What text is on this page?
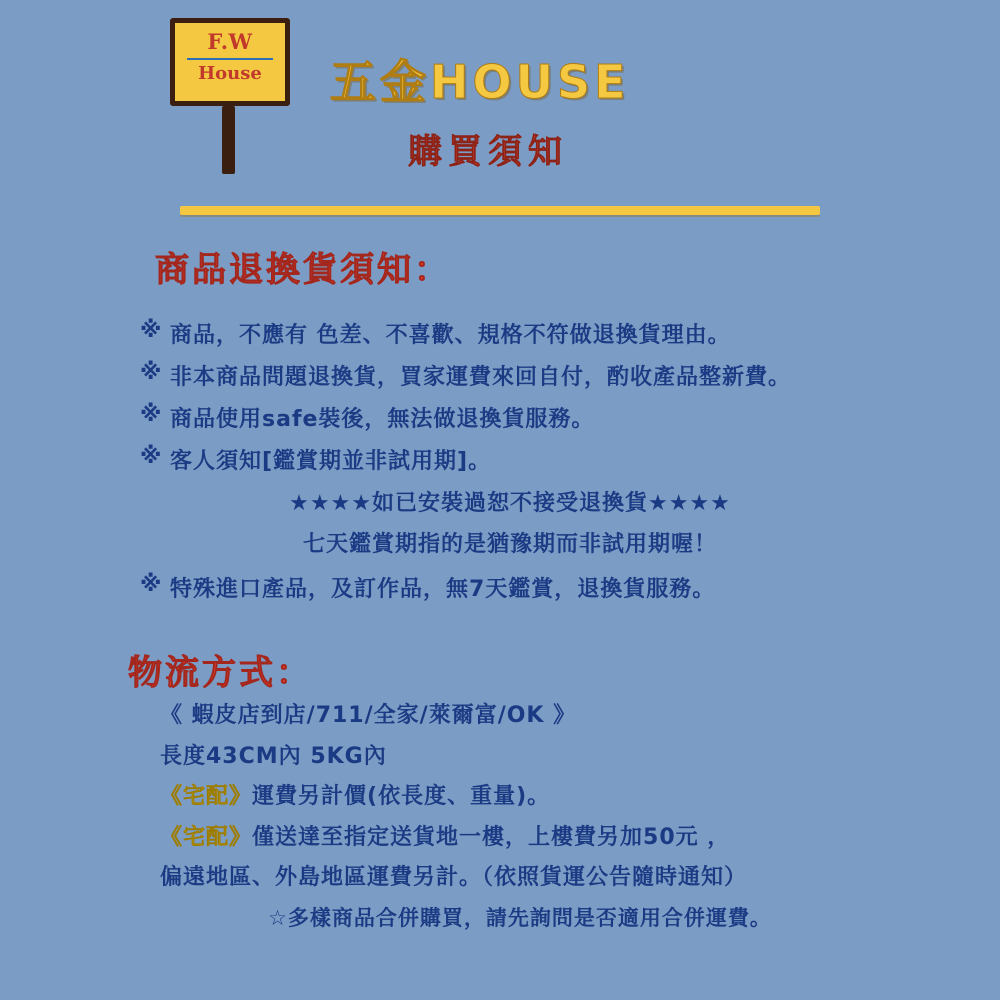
F.W
House	五金HOUSE
購買須知
商品退換貨須知：
※ 商品，不應有 色差、不喜歡、規格不符做退換貨理由。
※ 非本商品問題退換貨，買家運費來回自付，酌收產品整新費。
※ 商品使用safe裝後，無法做退換貨服務。
※ 客人須知[鑑賞期並非試用期]。
★★★★如已安裝過恕不接受退換貨★★★★
七天鑑賞期指的是猶豫期而非試用期喔！
※ 特殊進口產品，及訂作品，無7天鑑賞，退換貨服務。
物流方式：
《 蝦皮店到店/711/全家/萊爾富/OK 》
長度43CM內 5KG內
《宅配》運費另計價(依長度、重量)。
《宅配》僅送達至指定送貨地一樓，上樓費另加50元 ，
偏遠地區、外島地區運費另計。（依照貨運公告隨時通知）
☆多樣商品合併購買，請先詢問是否適用合併運費。
